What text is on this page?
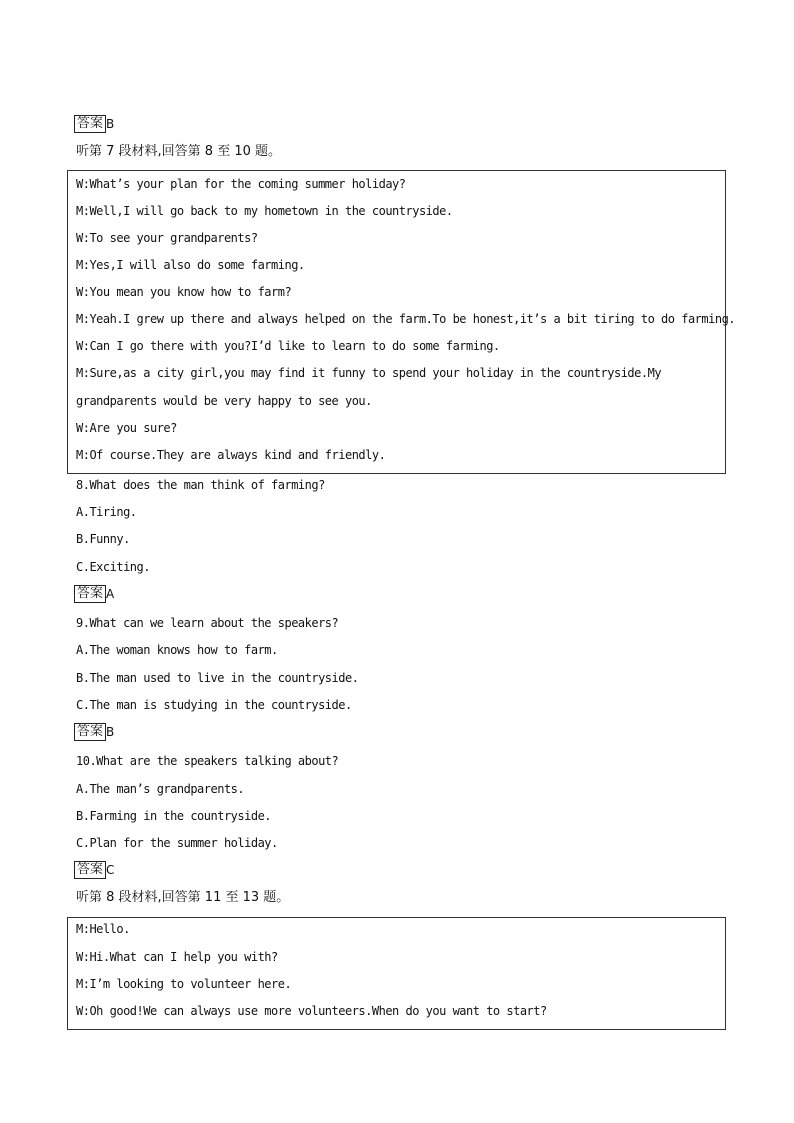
答案 B
听第 7 段材料,回答第 8 至 10 题。
W:What’s your plan for the coming summer holiday?
M:Well,I will go back to my hometown in the countryside.
W:To see your grandparents?
M:Yes,I will also do some farming.
W:You mean you know how to farm?
M:Yeah.I grew up there and always helped on the farm.To be honest,it’s a bit tiring to do farming.
W:Can I go there with you?I’d like to learn to do some farming.
M:Sure,as a city girl,you may find it funny to spend your holiday in the countryside.My
grandparents would be very happy to see you.
W:Are you sure?
M:Of course.They are always kind and friendly.
8.What does the man think of farming?
A.Tiring.
B.Funny.
C.Exciting.
答案 A
9.What can we learn about the speakers?
A.The woman knows how to farm.
B.The man used to live in the countryside.
C.The man is studying in the countryside.
答案 B
10.What are the speakers talking about?
A.The man’s grandparents.
B.Farming in the countryside.
C.Plan for the summer holiday.
答案 C
听第 8 段材料,回答第 11 至 13 题。
M:Hello.
W:Hi.What can I help you with?
M:I’m looking to volunteer here.
W:Oh good!We can always use more volunteers.When do you want to start?
